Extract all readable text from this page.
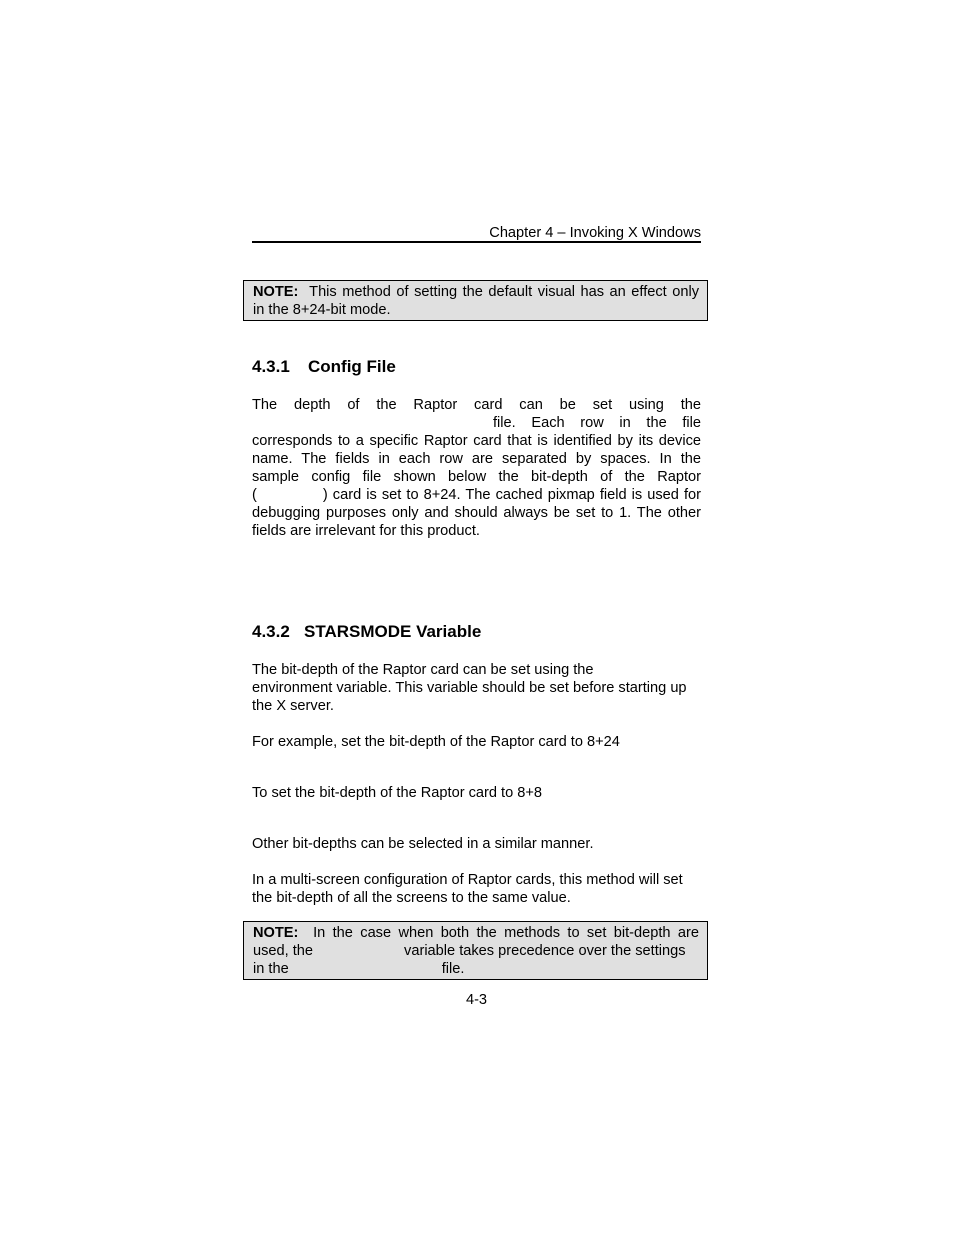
Chapter 4 – Invoking X Windows
NOTE: This method of setting the default visual has an effect only
in the 8+24-bit mode.
4.3.1 Config File
The depth of the Raptor card can be set using the
file. Each row in the file
corresponds to a specific Raptor card that is identified by its device
name. The fields in each row are separated by spaces. In the
sample config file shown below the bit-depth of the Raptor
(	) card is set to 8+24. The cached pixmap field is used for
debugging purposes only and should always be set to 1. The other
fields are irrelevant for this product.
4.3.2 STARSMODE Variable
The bit-depth of the Raptor card can be set using the
environment variable. This variable should be set before starting up
the X server.
For example, set the bit-depth of the Raptor card to 8+24
To set the bit-depth of the Raptor card to 8+8
Other bit-depths can be selected in a similar manner.
In a multi-screen configuration of Raptor cards, this method will set
the bit-depth of all the screens to the same value.
NOTE: In the case when both the methods to set bit-depth are
used, the	variable takes precedence over the settings
in the	file.
4-3
